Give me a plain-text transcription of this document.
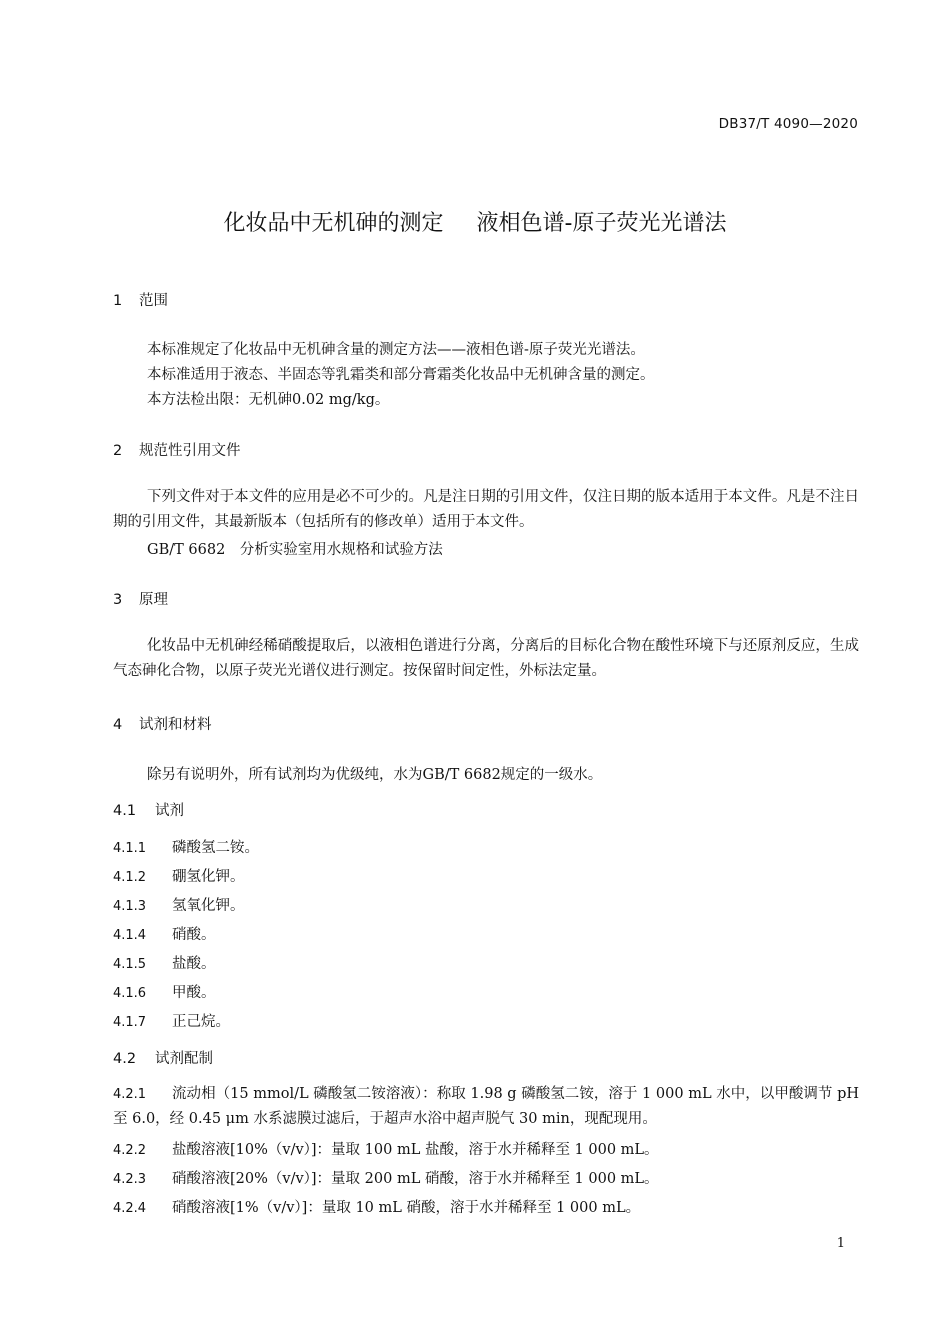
DB37/T 4090—2020
化妆品中无机砷的测定 液相色谱-原子荧光光谱法
1 范围
本标准规定了化妆品中无机砷含量的测定方法——液相色谱-原子荧光光谱法。
本标准适用于液态、半固态等乳霜类和部分膏霜类化妆品中无机砷含量的测定。
本方法检出限：无机砷0.02 mg/kg。
2 规范性引用文件
下列文件对于本文件的应用是必不可少的。凡是注日期的引用文件，仅注日期的版本适用于本文件。凡是不注日期的引用文件，其最新版本（包括所有的修改单）适用于本文件。
GB/T 6682　分析实验室用水规格和试验方法
3 原理
化妆品中无机砷经稀硝酸提取后，以液相色谱进行分离，分离后的目标化合物在酸性环境下与还原剂反应，生成气态砷化合物，以原子荧光光谱仪进行测定。按保留时间定性，外标法定量。
4 试剂和材料
除另有说明外，所有试剂均为优级纯，水为GB/T 6682规定的一级水。
4.1 试剂
4.1.1 磷酸氢二铵。
4.1.2 硼氢化钾。
4.1.3 氢氧化钾。
4.1.4 硝酸。
4.1.5 盐酸。
4.1.6 甲酸。
4.1.7 正己烷。
4.2 试剂配制
4.2.1 流动相（15 mmol/L 磷酸氢二铵溶液）：称取 1.98 g 磷酸氢二铵，溶于 1 000 mL 水中，以甲酸调节 pH 至 6.0，经 0.45 μm 水系滤膜过滤后，于超声水浴中超声脱气 30 min，现配现用。
4.2.2 盐酸溶液[10%（v/v）]：量取 100 mL 盐酸，溶于水并稀释至 1 000 mL。
4.2.3 硝酸溶液[20%（v/v）]：量取 200 mL 硝酸，溶于水并稀释至 1 000 mL。
4.2.4 硝酸溶液[1%（v/v）]：量取 10 mL 硝酸，溶于水并稀释至 1 000 mL。
1
